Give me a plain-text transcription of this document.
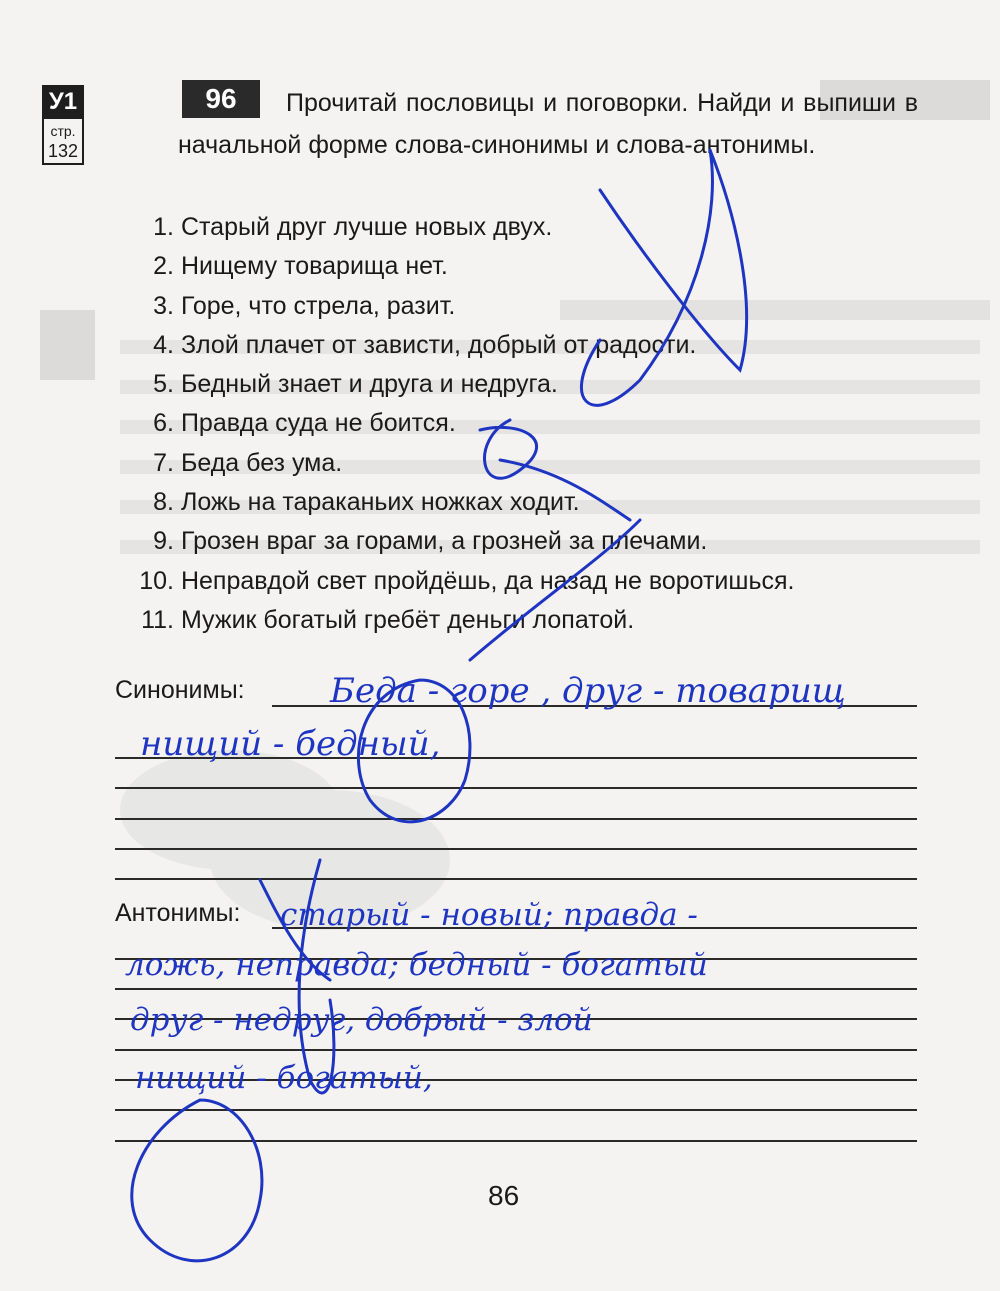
У1
стр.
132
Прочитай пословицы и поговорки. Найди и выпиши в начальной форме слова-синонимы и слова-антонимы.
96
1. Старый друг лучше новых двух.
2. Нищему товарища нет.
3. Горе, что стрела, разит.
4. Злой плачет от зависти, добрый от радости.
5. Бедный знает и друга и недруга.
6. Правда суда не боится.
7. Беда без ума.
8. Ложь на тараканьих ножках ходит.
9. Грозен враг за горами, а грозней за плечами.
10. Неправдой свет пройдёшь, да назад не воротишься.
11. Мужик богатый гребёт деньги лопатой.
Синонимы:
Антонимы:
86
Беда - горе , друг - товарищ
нищий - бедный,
старый - новый; правда -
ложь, неправда; бедный - богатый
друг - недруг, добрый - злой
нищий - богатый,
